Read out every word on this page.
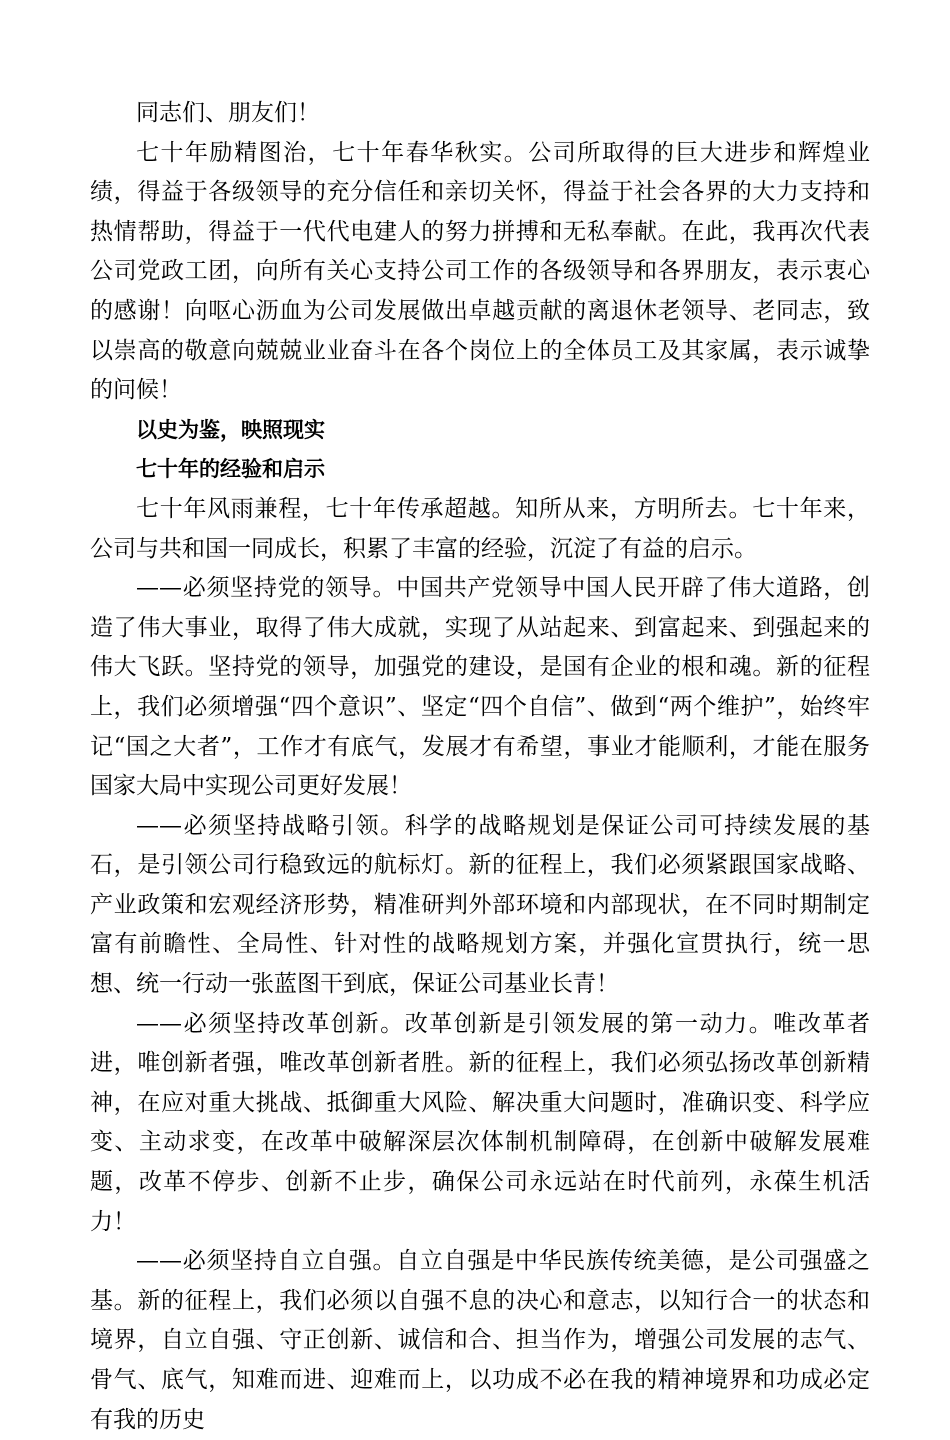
同志们、朋友们！

七十年励精图治，七十年春华秋实。公司所取得的巨大进步和辉煌业绩，得益于各级领导的充分信任和亲切关怀，得益于社会各界的大力支持和热情帮助，得益于一代代电建人的努力拼搏和无私奉献。在此，我再次代表公司党政工团，向所有关心支持公司工作的各级领导和各界朋友，表示衷心的感谢！向呕心沥血为公司发展做出卓越贡献的离退休老领导、老同志，致以崇高的敬意向兢兢业业奋斗在各个岗位上的全体员工及其家属，表示诚挚的问候！

以史为鉴，映照现实

七十年的经验和启示

七十年风雨兼程，七十年传承超越。知所从来，方明所去。七十年来，公司与共和国一同成长，积累了丰富的经验，沉淀了有益的启示。

——必须坚持党的领导。中国共产党领导中国人民开辟了伟大道路，创造了伟大事业，取得了伟大成就，实现了从站起来、到富起来、到强起来的伟大飞跃。坚持党的领导，加强党的建设，是国有企业的根和魂。新的征程上，我们必须增强“四个意识”、坚定“四个自信”、做到“两个维护”，始终牢记“国之大者”，工作才有底气，发展才有希望，事业才能顺利，才能在服务国家大局中实现公司更好发展！

——必须坚持战略引领。科学的战略规划是保证公司可持续发展的基石，是引领公司行稳致远的航标灯。新的征程上，我们必须紧跟国家战略、产业政策和宏观经济形势，精准研判外部环境和内部现状，在不同时期制定富有前瞻性、全局性、针对性的战略规划方案，并强化宣贯执行，统一思想、统一行动一张蓝图干到底，保证公司基业长青！

——必须坚持改革创新。改革创新是引领发展的第一动力。唯改革者进，唯创新者强，唯改革创新者胜。新的征程上，我们必须弘扬改革创新精神，在应对重大挑战、抵御重大风险、解决重大问题时，准确识变、科学应变、主动求变，在改革中破解深层次体制机制障碍，在创新中破解发展难题，改革不停步、创新不止步，确保公司永远站在时代前列，永葆生机活力！

——必须坚持自立自强。自立自强是中华民族传统美德，是公司强盛之基。新的征程上，我们必须以自强不息的决心和意志，以知行合一的状态和境界，自立自强、守正创新、诚信和合、担当作为，增强公司发展的志气、骨气、底气，知难而进、迎难而上，以功成不必在我的精神境界和功成必定有我的历史
